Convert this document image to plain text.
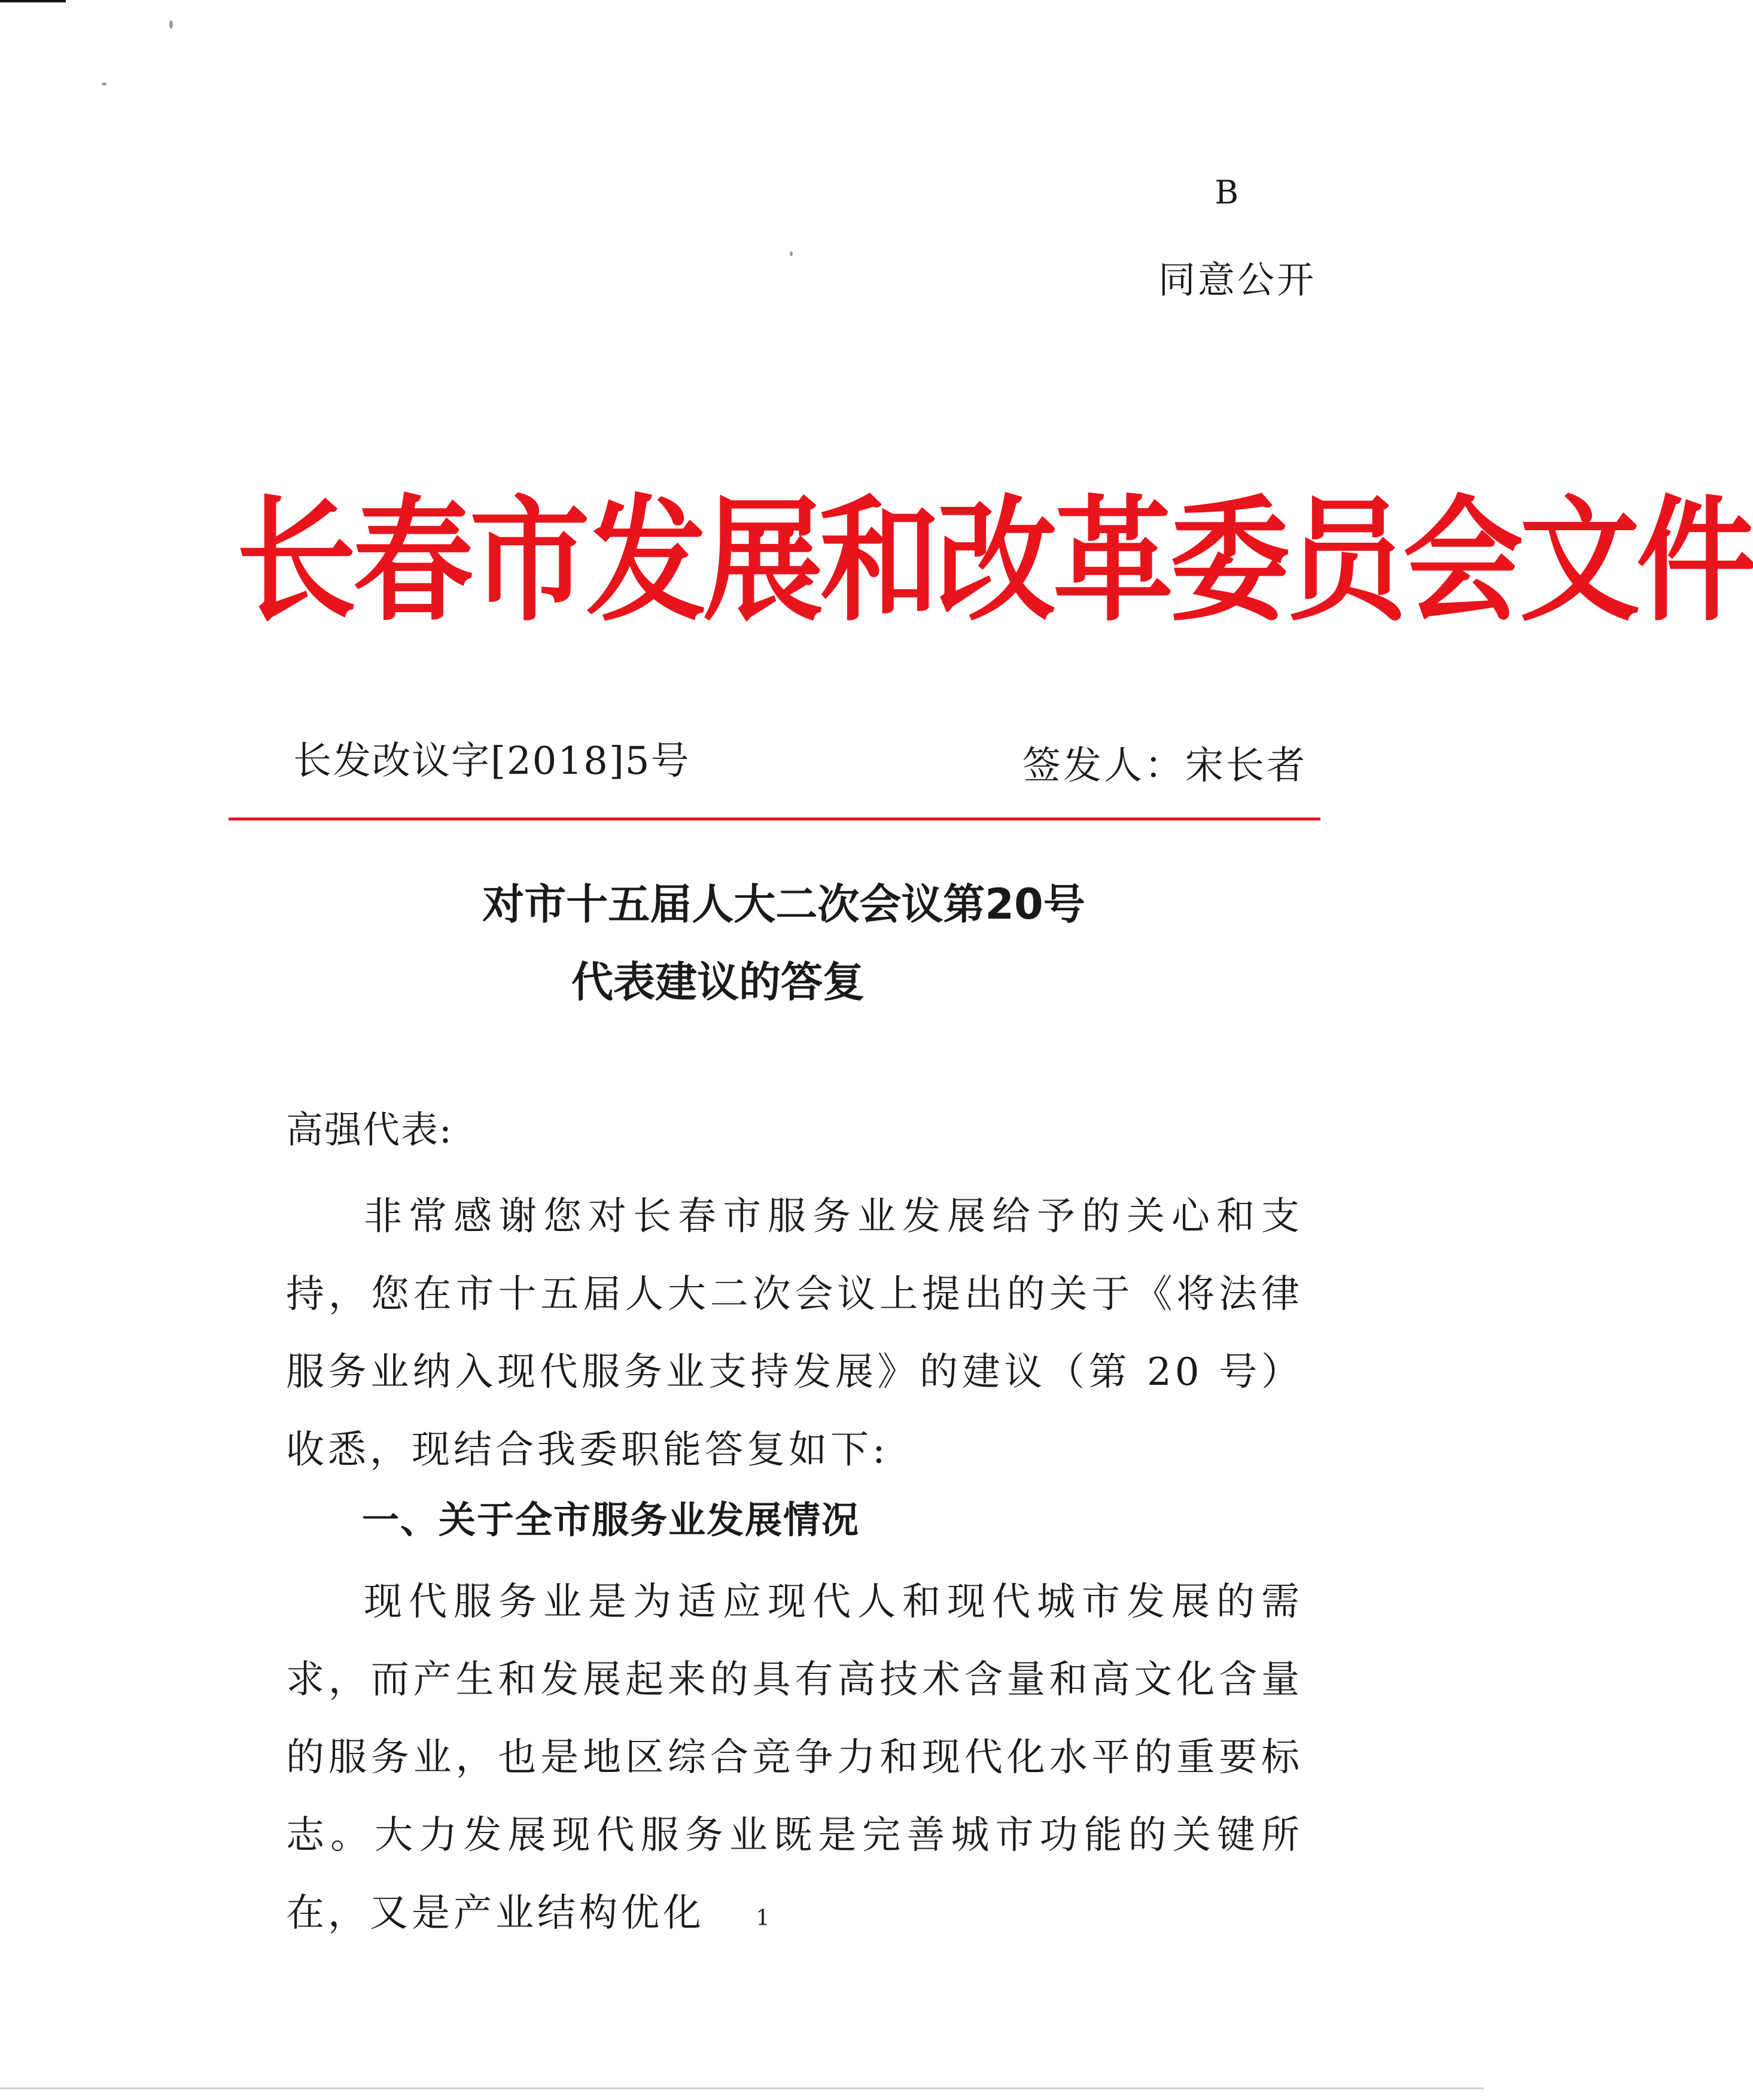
B
同意公开
长春市发展和改革委员会文件
长发改议字[2018]5号	签发人：宋长者
对市十五届人大二次会议第20号
代表建议的答复
高强代表:

非常感谢您对长春市服务业发展给予的关心和支持，您在市十五届人大二次会议上提出的关于《将法律服务业纳入现代服务业支持发展》的建议（第 20 号）收悉，现结合我委职能答复如下:

一、关于全市服务业发展情况

现代服务业是为适应现代人和现代城市发展的需求，而产生和发展起来的具有高技术含量和高文化含量的服务业，也是地区综合竞争力和现代化水平的重要标志。大力发展现代服务业既是完善城市功能的关键所在，又是产业结构优化	1
